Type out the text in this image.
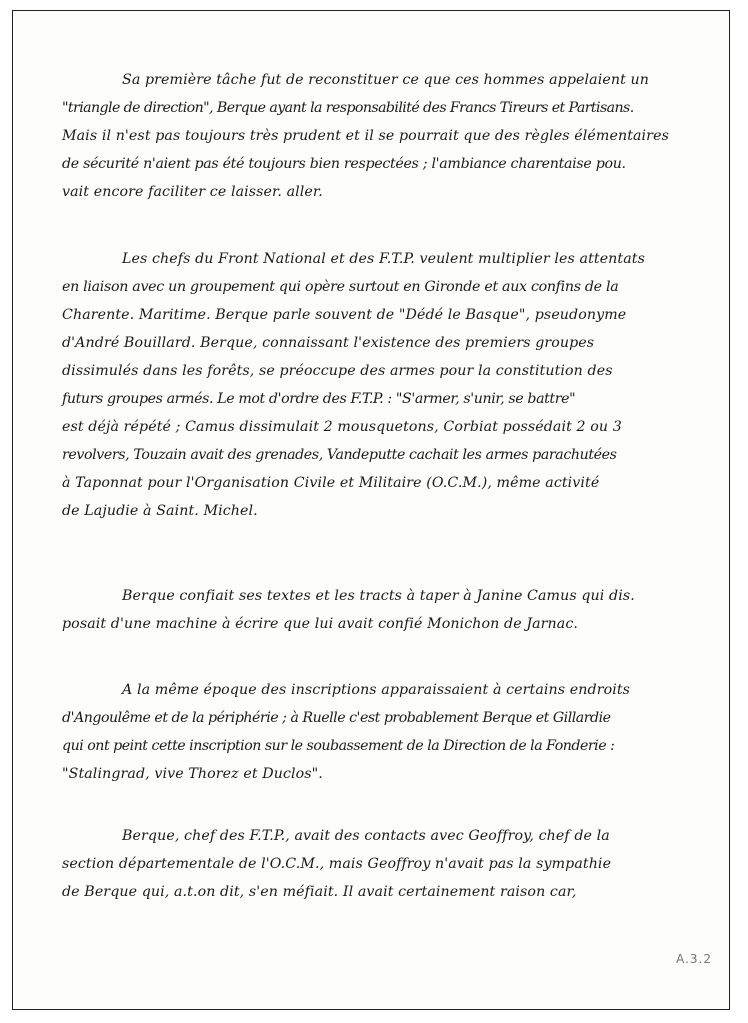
Sa première tâche fut de reconstituer ce que ces hommes appelaient un
"triangle de direction", Berque ayant la responsabilité des Francs Tireurs et Partisans.
Mais il n'est pas toujours très prudent et il se pourrait que des règles élémentaires
de sécurité n'aient pas été toujours bien respectées ; l'ambiance charentaise pou.
vait encore faciliter ce laisser. aller.

Les chefs du Front National et des F.T.P. veulent multiplier les attentats
en liaison avec un groupement qui opère surtout en Gironde et aux confins de la
Charente. Maritime. Berque parle souvent de "Dédé le Basque", pseudonyme
d'André Bouillard. Berque, connaissant l'existence des premiers groupes
dissimulés dans les forêts, se préoccupe des armes pour la constitution des
futurs groupes armés. Le mot d'ordre des F.T.P. : "S'armer, s'unir, se battre"
est déjà répété ; Camus dissimulait 2 mousquetons, Corbiat possédait 2 ou 3
revolvers, Touzain avait des grenades, Vandeputte cachait les armes parachutées
à Taponnat pour l'Organisation Civile et Militaire (O.C.M.), même activité
de Lajudie à Saint. Michel.

Berque confiait ses textes et les tracts à taper à Janine Camus qui dis.
posait d'une machine à écrire que lui avait confié Monichon de Jarnac.

A la même époque des inscriptions apparaissaient à certains endroits
d'Angoulême et de la périphérie ; à Ruelle c'est probablement Berque et Gillardie
qui ont peint cette inscription sur le soubassement de la Direction de la Fonderie :
"Stalingrad, vive Thorez et Duclos".

Berque, chef des F.T.P., avait des contacts avec Geoffroy, chef de la
section départementale de l'O.C.M., mais Geoffroy n'avait pas la sympathie
de Berque qui, a.t.on dit, s'en méfiait. Il avait certainement raison car,

A.3.2
